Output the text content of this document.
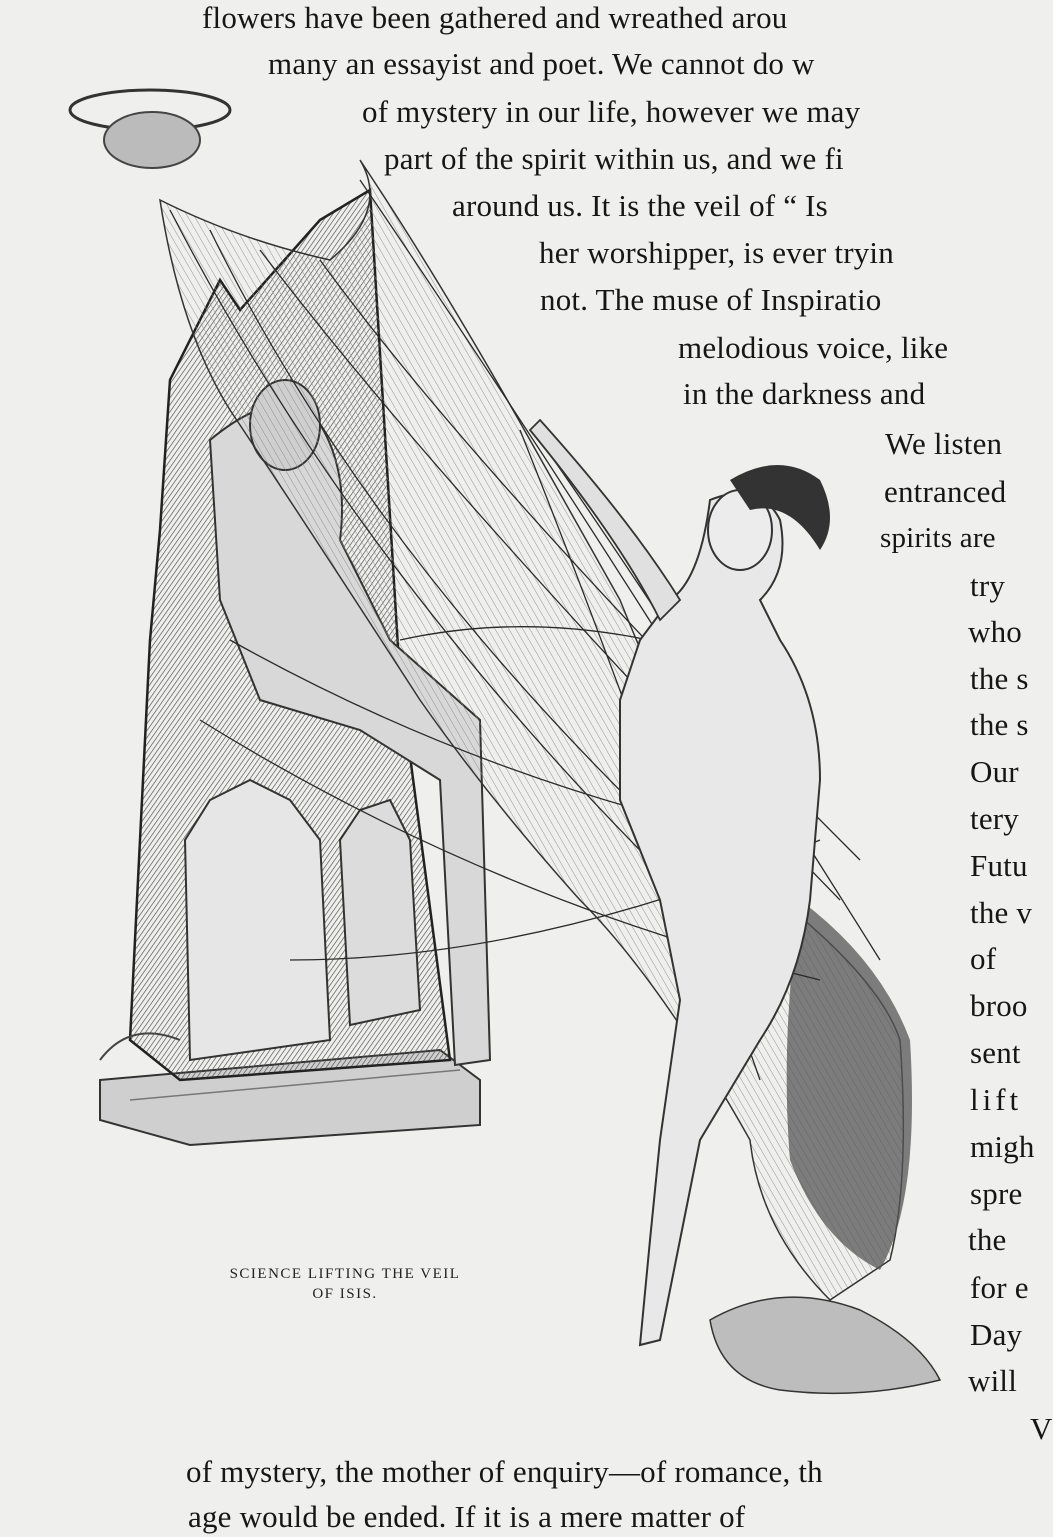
flowers have been gathered and wreathed arou
many an essayist and poet. We cannot do w
of mystery in our life, however we may
part of the spirit within us, and we fi
around us. It is the veil of “ Is
her worshipper, is ever tryin
not. The muse of Inspiratio
melodious voice, like
in the darkness and
We listen
entranced
spirits are
try
who
the s
the s
Our
tery
Futu
the v
of
broo
sent
lift
migh
spre
the
for e
Day
will
V
of mystery, the mother of enquiry—of romance, th
age would be ended. If it is a mere matter of
SCIENCE LIFTING THE VEIL
OF ISIS.
